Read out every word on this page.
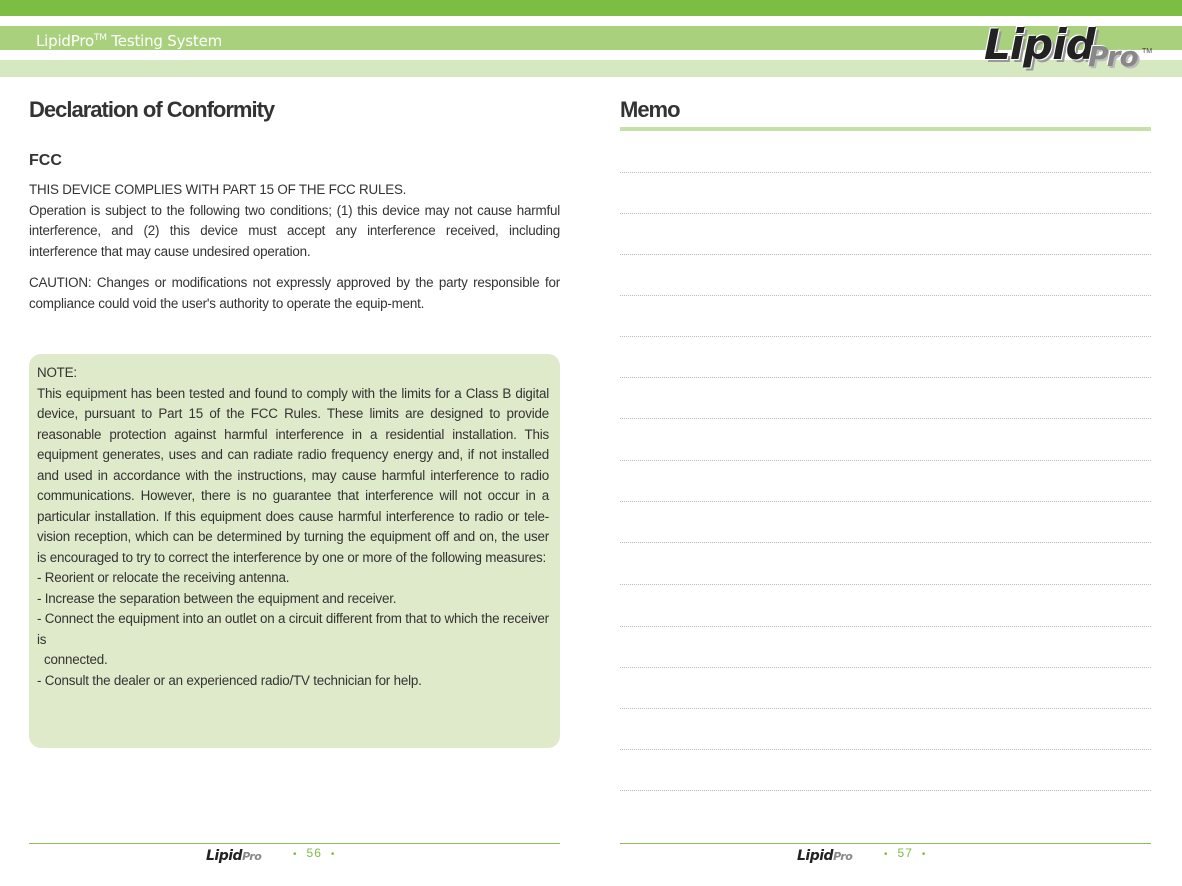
LipidPro™ Testing System	Lipid
Pro TM
Declaration of Conformity
FCC
THIS DEVICE COMPLIES WITH PART 15 OF THE FCC RULES.
Operation is subject to the following two conditions; (1) this device may not cause harmful interference, and (2) this device must accept any interference received, including interference that may cause undesired operation.
CAUTION: Changes or modifications not expressly approved by the party responsible for compliance could void the user's authority to operate the equip-ment.
NOTE:
This equipment has been tested and found to comply with the limits for a Class B digital device, pursuant to Part 15 of the FCC Rules. These limits are designed to provide reasonable protection against harmful interference in a residential installation. This equipment generates, uses and can radiate radio frequency energy and, if not installed and used in accordance with the instructions, may cause harmful interference to radio communications. However, there is no guarantee that interference will not occur in a particular installation. If this equipment does cause harmful interference to radio or tele-vision reception, which can be determined by turning the equipment off and on, the user is encouraged to try to correct the interference by one or more of the following measures:
- Reorient or relocate the receiving antenna.
- Increase the separation between the equipment and receiver.
- Connect the equipment into an outlet on a circuit different from that to which the receiver is
connected.
- Consult the dealer or an experienced radio/TV technician for help.
LipidPro	• 56 •
Memo
LipidPro	• 57 •
